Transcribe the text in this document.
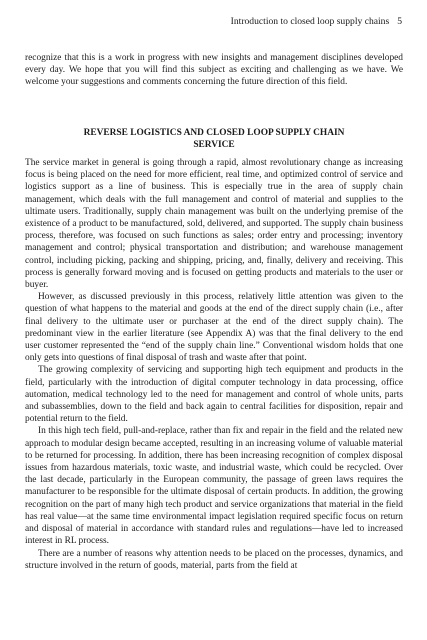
Introduction to closed loop supply chains 5

recognize that this is a work in progress with new insights and management disciplines developed every day. We hope that you will find this subject as exciting and challenging as we have. We welcome your suggestions and comments concerning the future direction of this field.

REVERSE LOGISTICS AND CLOSED LOOP SUPPLY CHAIN
SERVICE

The service market in general is going through a rapid, almost revolutionary change as increasing focus is being placed on the need for more efficient, real time, and optimized control of service and logistics support as a line of business. This is especially true in the area of supply chain management, which deals with the full management and control of material and supplies to the ultimate users. Traditionally, supply chain management was built on the underlying premise of the existence of a product to be manufactured, sold, delivered, and supported. The supply chain business process, therefore, was focused on such functions as sales; order entry and processing; inventory management and control; physical transportation and distribution; and warehouse management control, including picking, packing and shipping, pricing, and, finally, delivery and receiving. This process is generally forward moving and is focused on getting products and materials to the user or buyer.

However, as discussed previously in this process, relatively little attention was given to the question of what happens to the material and goods at the end of the direct supply chain (i.e., after final delivery to the ultimate user or purchaser at the end of the direct supply chain). The predominant view in the earlier literature (see Appendix A) was that the final delivery to the end user customer represented the “end of the supply chain line.” Conventional wisdom holds that one only gets into questions of final disposal of trash and waste after that point.

The growing complexity of servicing and supporting high tech equipment and products in the field, particularly with the introduction of digital computer technology in data processing, office automation, medical technology led to the need for management and control of whole units, parts and subassemblies, down to the field and back again to central facilities for disposition, repair and potential return to the field.

In this high tech field, pull-and-replace, rather than fix and repair in the field and the related new approach to modular design became accepted, resulting in an increasing volume of valuable material to be returned for processing. In addition, there has been increasing recognition of complex disposal issues from hazardous materials, toxic waste, and industrial waste, which could be recycled. Over the last decade, particularly in the European community, the passage of green laws requires the manufacturer to be responsible for the ultimate disposal of certain products. In addition, the growing recognition on the part of many high tech product and service organizations that material in the field has real value—at the same time environmental impact legislation required specific focus on return and disposal of material in accordance with standard rules and regulations—have led to increased interest in RL process.

There are a number of reasons why attention needs to be placed on the processes, dynamics, and structure involved in the return of goods, material, parts from the field at
